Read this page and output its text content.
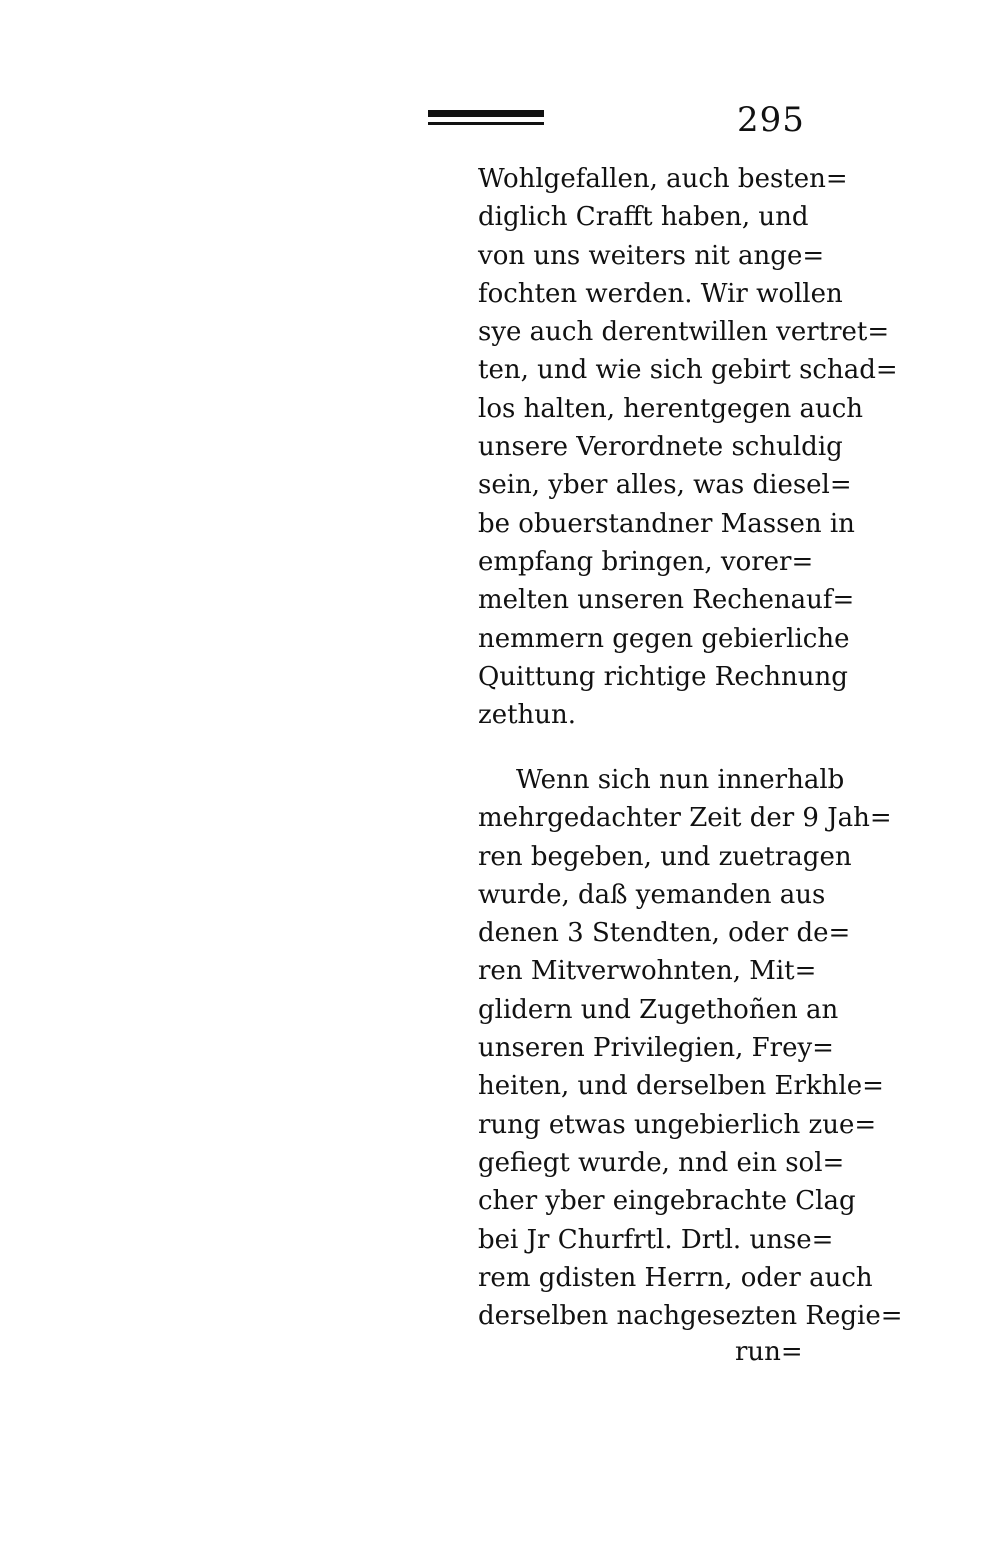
295
Wohlgefallen, auch besten=
diglich Crafft haben, und
von uns weiters nit ange=
fochten werden. Wir wollen
sye auch derentwillen vertret=
ten, und wie sich gebirt schad=
los halten, herentgegen auch
unsere Verordnete schuldig
sein, yber alles, was diesel=
be obuerstandner Massen in
empfang bringen, vorer=
melten unseren Rechenauf=
nemmern gegen gebierliche
Quittung richtige Rechnung
zethun.
Wenn sich nun innerhalb
mehrgedachter Zeit der 9 Jah=
ren begeben, und zuetragen
wurde, daß yemanden aus
denen 3 Stendten, oder de=
ren Mitverwohnten, Mit=
glidern und Zugethoñen an
unseren Privilegien, Frey=
heiten, und derselben Erkhle=
rung etwas ungebierlich zue=
gefiegt wurde, nnd ein sol=
cher yber eingebrachte Clag
bei Jr Churfrtl. Drtl. unse=
rem gdisten Herrn, oder auch
derselben nachgesezten Regie=
run=
